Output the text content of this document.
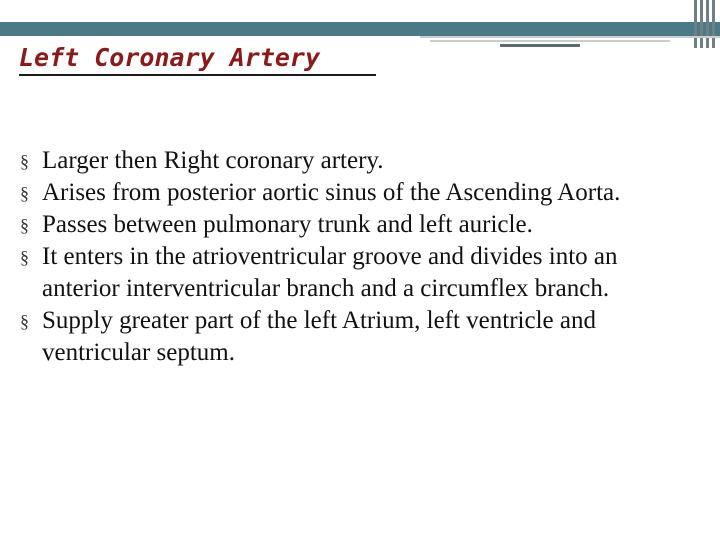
Left Coronary Artery
§ Larger then Right coronary artery.
§ Arises from posterior aortic sinus of the Ascending Aorta.
§ Passes between pulmonary trunk and left auricle.
§ It enters in the atrioventricular groove and divides into an anterior interventricular branch and a circumflex branch.
§ Supply greater part of the left Atrium, left ventricle and ventricular septum.
